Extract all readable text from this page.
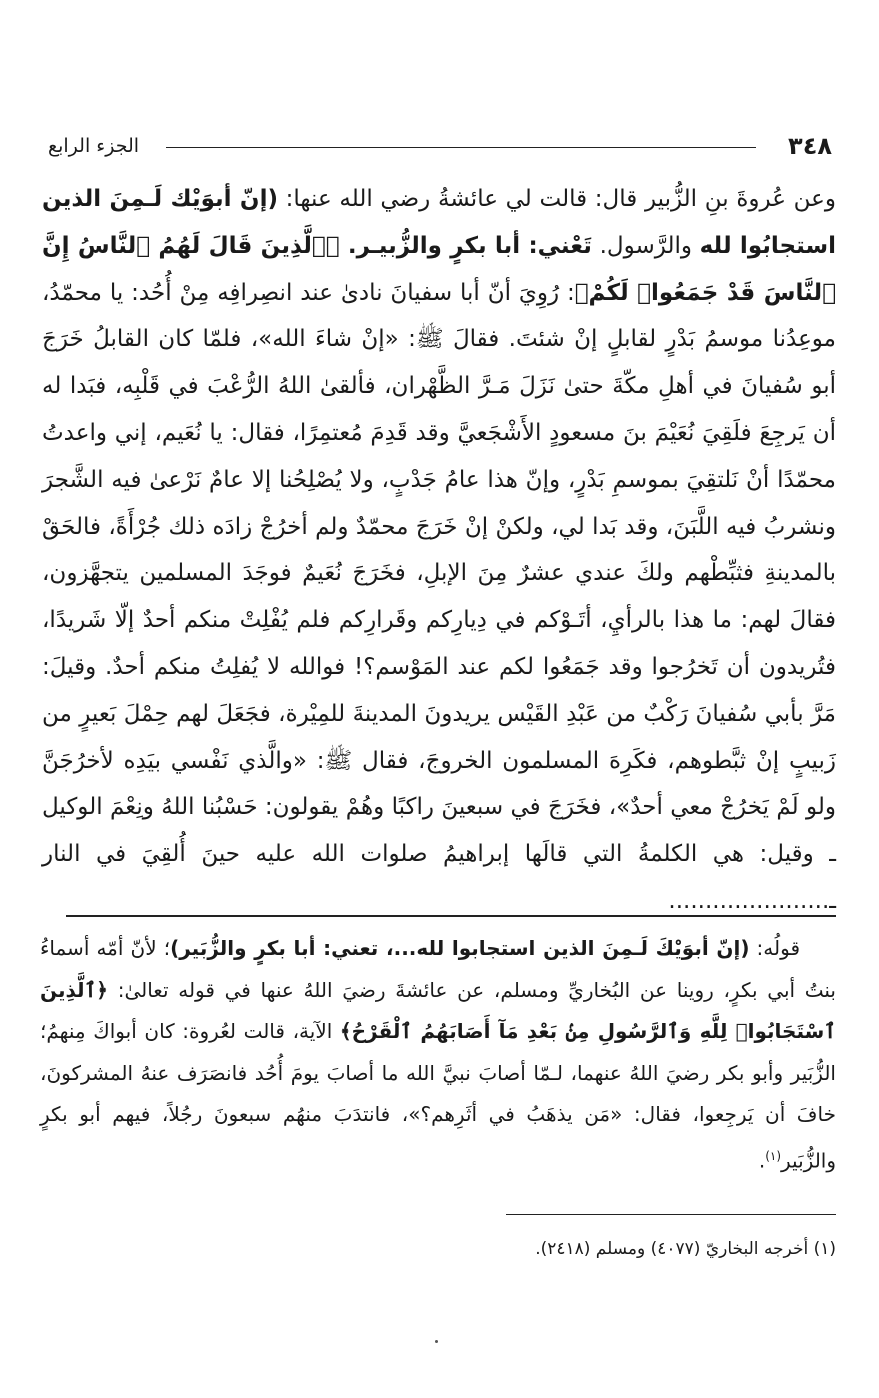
٣٤٨
الجزء الرابع

وعن عُروةَ بنِ الزُّبير قال: قالت لي عائشةُ رضي الله عنها: (إنّ أبوَيْك لَـمِنَ الذين استجابُوا لله والرَّسول. تَعْني: أبا بكرٍ والزُّبيـر. ﴿ٱلَّذِينَ قَالَ لَهُمُ ٱلنَّاسُ إِنَّ ٱلنَّاسَ قَدْ جَمَعُوا۟ لَكُمْ﴾: رُوِيَ أنّ أبا سفيانَ نادىٰ عند انصِرافِه مِنْ أُحُد: يا محمّدُ، موعِدُنا موسمُ بَدْرٍ لقابلٍ إنْ شئتَ. فقالَ ﷺ: «إنْ شاءَ الله»، فلمّا كان القابلُ خَرَجَ أبو سُفيانَ في أهلِ مكّةَ حتىٰ نَزَلَ مَـرَّ الظَّهْران، فألقىٰ اللهُ الرُّعْبَ في قَلْبِه، فبَدا له أن يَرجِعَ فلَقِيَ نُعَيْمَ بنَ مسعودٍ الأَشْجَعيَّ وقد قَدِمَ مُعتمِرًا، فقال: يا نُعَيم، إني واعدتُ محمّدًا أنْ نَلتقِيَ بموسمِ بَدْرٍ، وإنّ هذا عامُ جَدْبٍ، ولا يُصْلِحُنا إلا عامٌ نَرْعىٰ فيه الشَّجرَ ونشربُ فيه اللَّبَنَ، وقد بَدا لي، ولكنْ إنْ خَرَجَ محمّدٌ ولم أخرُجْ زادَه ذلك جُرْأَةً، فالحَقْ بالمدينةِ فثبِّطْهم ولكَ عندي عشرٌ مِنَ الإبلِ، فخَرَجَ نُعَيمٌ فوجَدَ المسلمين يتجهَّزون، فقالَ لهم: ما هذا بالرأيِ، أتَـوْكم في دِيارِكم وقَرارِكم فلم يُفْلِتْ منكم أحدٌ إلّا شَريدًا، فتُريدون أن تَخرُجوا وقد جَمَعُوا لكم عند المَوْسم؟! فوالله لا يُفلِتُ منكم أحدٌ. وقيلَ: مَرَّ بأبي سُفيانَ رَكْبٌ من عَبْدِ القَيْس يريدونَ المدينةَ للمِيْرة، فجَعَلَ لهم حِمْلَ بَعيرٍ من زَبيبٍ إنْ ثبَّطوهم، فكَرِهَ المسلمون الخروجَ، فقال ﷺ: «والَّذي نَفْسي بيَدِه لأخرُجَنَّ ولو لَمْ يَخرُجْ معي أحدٌ»، فخَرَجَ في سبعينَ راكبًا وهُمْ يقولون: حَسْبُنا اللهُ ونِعْمَ الوكيل ـ وقيل: هي الكلمةُ التي قالَها إبراهيمُ صلوات الله عليه حينَ أُلقِيَ في النار ـ......................

قولُه: (إنّ أبوَيْكَ لَـمِنَ الذين استجابوا لله...، تعني: أبا بكرٍ والزُّبَير)؛ لأنّ أمّه أسماءُ بنتُ أبي بكرٍ، روينا عن البُخاريِّ ومسلم، عن عائشةَ رضيَ اللهُ عنها في قوله تعالىٰ: ﴿ٱلَّذِينَ ٱسْتَجَابُوا۟ لِلَّهِ وَٱلرَّسُولِ مِنۢ بَعْدِ مَآ أَصَابَهُمُ ٱلْقَرْحُ﴾ الآية، قالت لعُروة: كان أبواكَ مِنهمُ؛ الزُّبَير وأبو بكر رضيَ اللهُ عنهما، لـمّا أصابَ نبيَّ الله ما أصابَ يومَ أُحُد فانصَرَف عنهُ المشركونَ، خافَ أن يَرجِعوا، فقال: «مَن يذهَبُ في أثَرِهم؟»، فانتدَبَ منهُم سبعونَ رجُلاً، فيهم أبو بكرٍ والزُّبَير$^{(١)}$.

(١) أخرجه البخاريّ (٤٠٧٧) ومسلم (٢٤١٨).
